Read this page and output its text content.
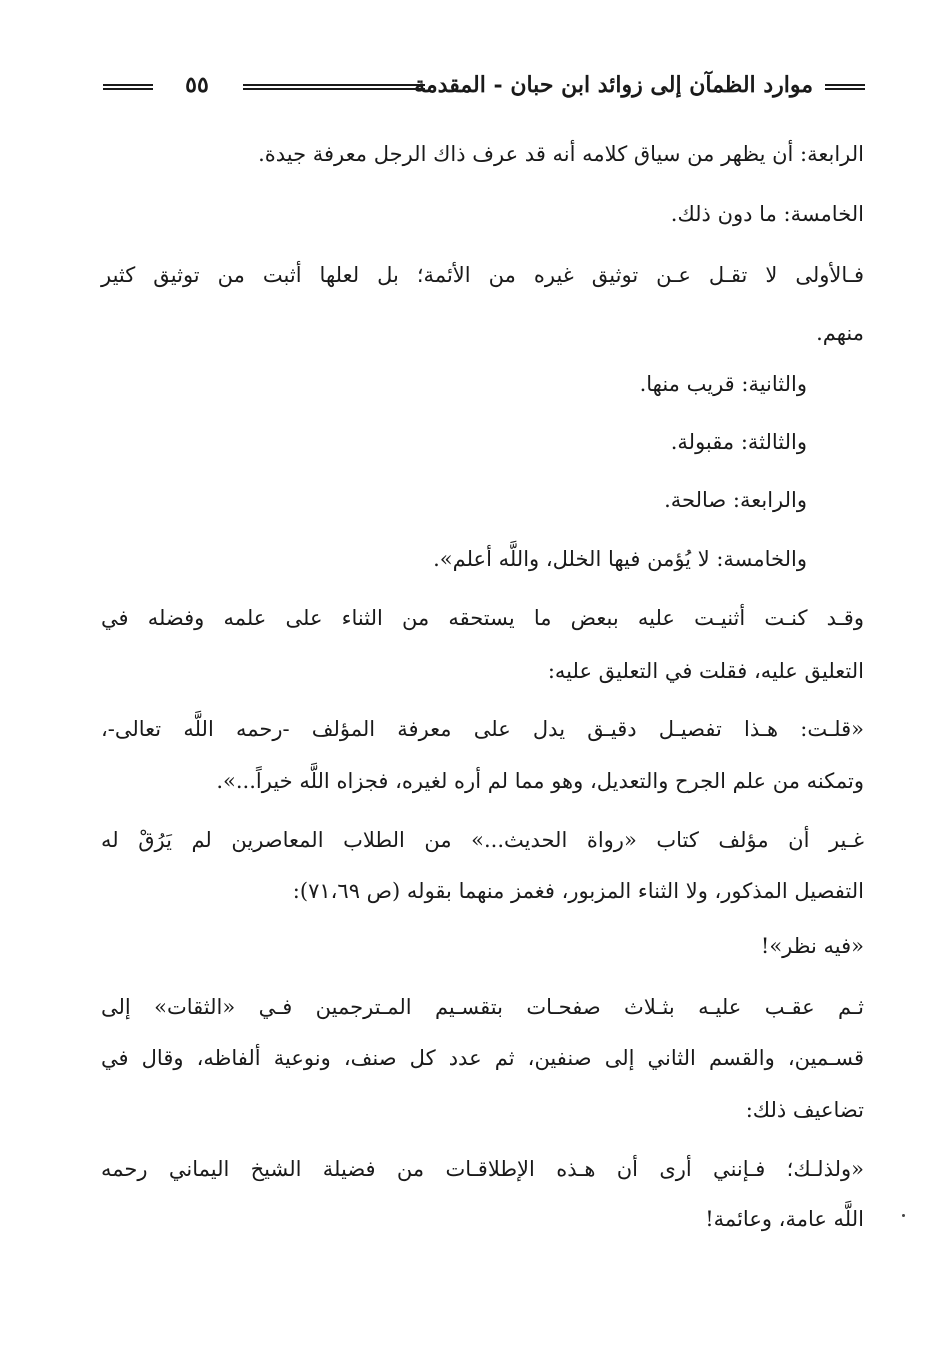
موارد الظمآن إلى زوائد ابن حبان - المقدمة
٥٥
الرابعة: أن يظهر من سياق كلامه أنه قد عرف ذاك الرجل معرفة جيدة.
الخامسة: ما دون ذلك.
فـالأولى لا تقـل عـن توثيق غيره من الأئمة؛ بل لعلها أثبت من توثيق كثير
منهم.
والثانية: قريب منها.
والثالثة: مقبولة.
والرابعة: صالحة.
والخامسة: لا يُؤمن فيها الخلل، واللَّه أعلم».
وقـد كنـت أثنيـت عليه ببعض ما يستحقه من الثناء على علمه وفضله في
التعليق عليه، فقلت في التعليق عليه:
«قلـت: هـذا تفصيـل دقيـق يدل على معرفة المؤلف -رحمه اللَّه تعالى-،
وتمكنه من علم الجرح والتعديل، وهو مما لم أره لغيره، فجزاه اللَّه خيراً...».
غـير أن مؤلف كتاب «رواة الحديث...» من الطلاب المعاصرين لم يَرُقْ له
التفصيل المذكور، ولا الثناء المزبور، فغمز منهما بقوله (ص ٧١،٦٩):
«فيه نظر»!
ثـم عقـب عليـه بثـلاث صفحـات بتقسـيم المـترجمين فـي «الثقات» إلى
قسـمين، والقسم الثاني إلى صنفين، ثم عدد كل صنف، ونوعية ألفاظه، وقال في
تضاعيف ذلك:
«ولذلـك؛ فـإنني أرى أن هـذه الإطلاقـات من فضيلة الشيخ اليماني رحمه
اللَّه عامة، وعائمة!
